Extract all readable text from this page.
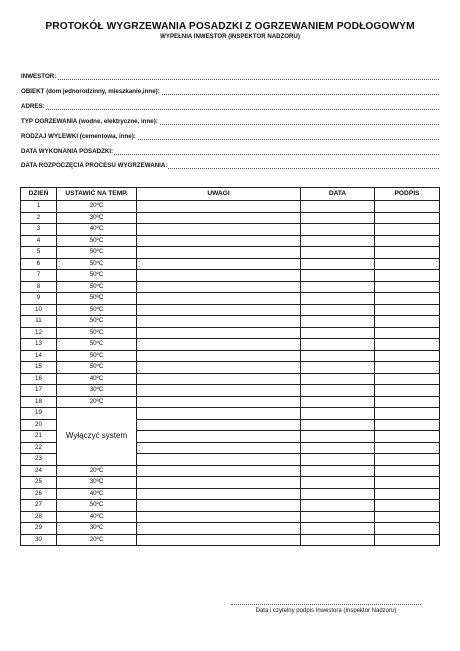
PROTOKÓŁ WYGRZEWANIA POSADZKI Z OGRZEWANIEM PODŁOGOWYM
WYPEŁNIA INWESTOR (INSPEKTOR NADZORU)
INWESTOR:
OBIEKT (dom jednorodzinny, mieszkanie,inne):
ADRES:
TYP OGRZEWANIA (wodne, elektryczne, inne):
RODZAJ WYLEWKI (cementowa, inne):
DATA WYKONANIA POSADZKI:
DATA ROZPOCZĘCIA PROCESU WYGRZEWANIA:
DZIEŃ	USTAWIĆ NA TEMP.	UWAGI	DATA	PODPIS
1	20ºC			
2	30ºC			
3	40ºC			
4	50ºC			
5	50ºC			
6	50ºC			
7	50ºC			
8	50ºC			
9	50ºC			
10	50ºC			
11	50ºC			
12	50ºC			
13	50ºC			
14	50ºC			
15	50ºC			
16	40ºC			
17	30ºC			
18	20ºC			
19	Wyłączyć system			
20				
21				
22				
23				
24	20ºC			
25	30ºC			
26	40ºC			
27	50ºC			
28	40ºC			
29	30ºC			
30	20ºC			
Data i czytelny podpis Inwestora (Inspektor Nadzoru)
